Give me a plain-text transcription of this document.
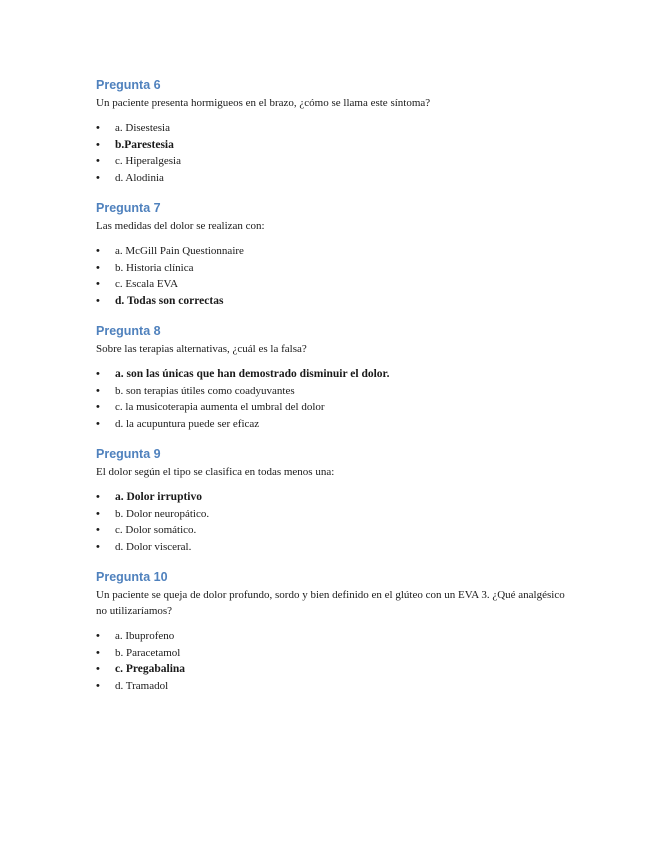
Pregunta 6

Un paciente presenta hormigueos en el brazo, ¿cómo se llama este síntoma?

• a. Disestesia
• b.Parestesia
• c. Hiperalgesia
• d. Alodinia

Pregunta 7

Las medidas del dolor se realizan con:

• a. McGill Pain Questionnaire
• b. Historia clínica
• c. Escala EVA
• d. Todas son correctas

Pregunta 8

Sobre las terapias alternativas, ¿cuál es la falsa?

• a. son las únicas que han demostrado disminuir el dolor.
• b. son terapias útiles como coadyuvantes
• c. la musicoterapia aumenta el umbral del dolor
• d. la acupuntura puede ser eficaz

Pregunta 9

El dolor según el tipo se clasifica en todas menos una:

• a. Dolor irruptivo
• b. Dolor neuropático.
• c. Dolor somático.
• d. Dolor visceral.

Pregunta 10

Un paciente se queja de dolor profundo, sordo y bien definido en el glúteo con un EVA 3. ¿Qué analgésico no utilizaríamos?

• a. Ibuprofeno
• b. Paracetamol
• c. Pregabalina
• d. Tramadol
